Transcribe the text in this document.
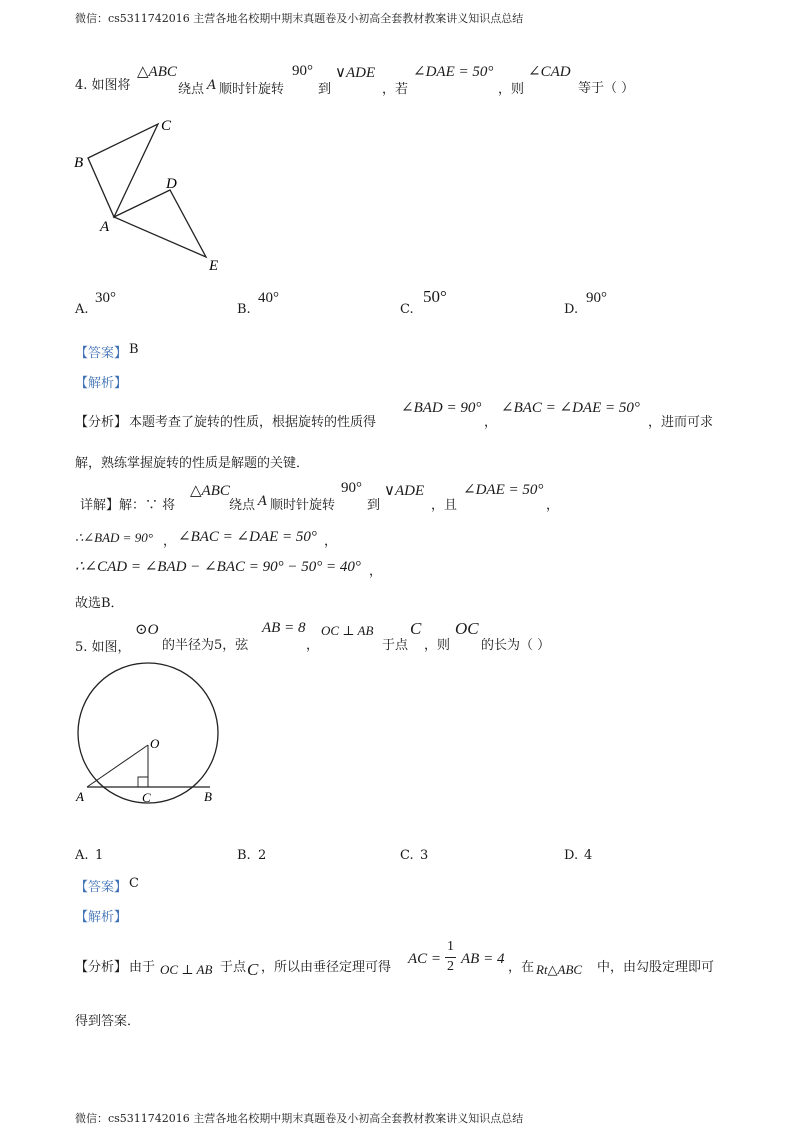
微信：cs5311742016 主营各地名校期中期末真题卷及小初高全套教材教案讲义知识点总结
4. 如图将
△ABC
绕点 A 顺时针旋转
90°
到
∨ADE
，若
∠DAE = 50°
，则
∠CAD
等于（ ）
B
C
D
A
E
A.
30°
B.
40°
C.
50°
D.
90°
【答案】 B
【解析】
【分析】 本题考查了旋转的性质，根据旋转的性质得
∠BAD = 90°
，
∠BAC = ∠DAE = 50°
，进而可求
解，熟练掌握旋转的性质是解题的关键．
详解】解：∵ 将
△ABC
绕点 A 顺时针旋转
90°
到
∨ADE
，且
∠DAE = 50°
，
∴∠BAD = 90° ， ∠BAC = ∠DAE = 50° ，
∴∠CAD = ∠BAD − ∠BAC = 90° − 50° = 40° ，
故选B．
5. 如图，
⊙O
的半径为5，弦
AB = 8
，
OC ⊥ AB
于点
C
，则
OC
的长为（ ）
O
A	C	B
A. 1	B. 2	C. 3	D. 4
【答案】 C
【解析】
【分析】 由于 OC ⊥ AB 于点 C ，所以由垂径定理可得
AC =
1
2 AB = 4
，在 Rt△ABC 中，由勾股定理即可
得到答案．
微信：cs5311742016 主营各地名校期中期末真题卷及小初高全套教材教案讲义知识点总结
